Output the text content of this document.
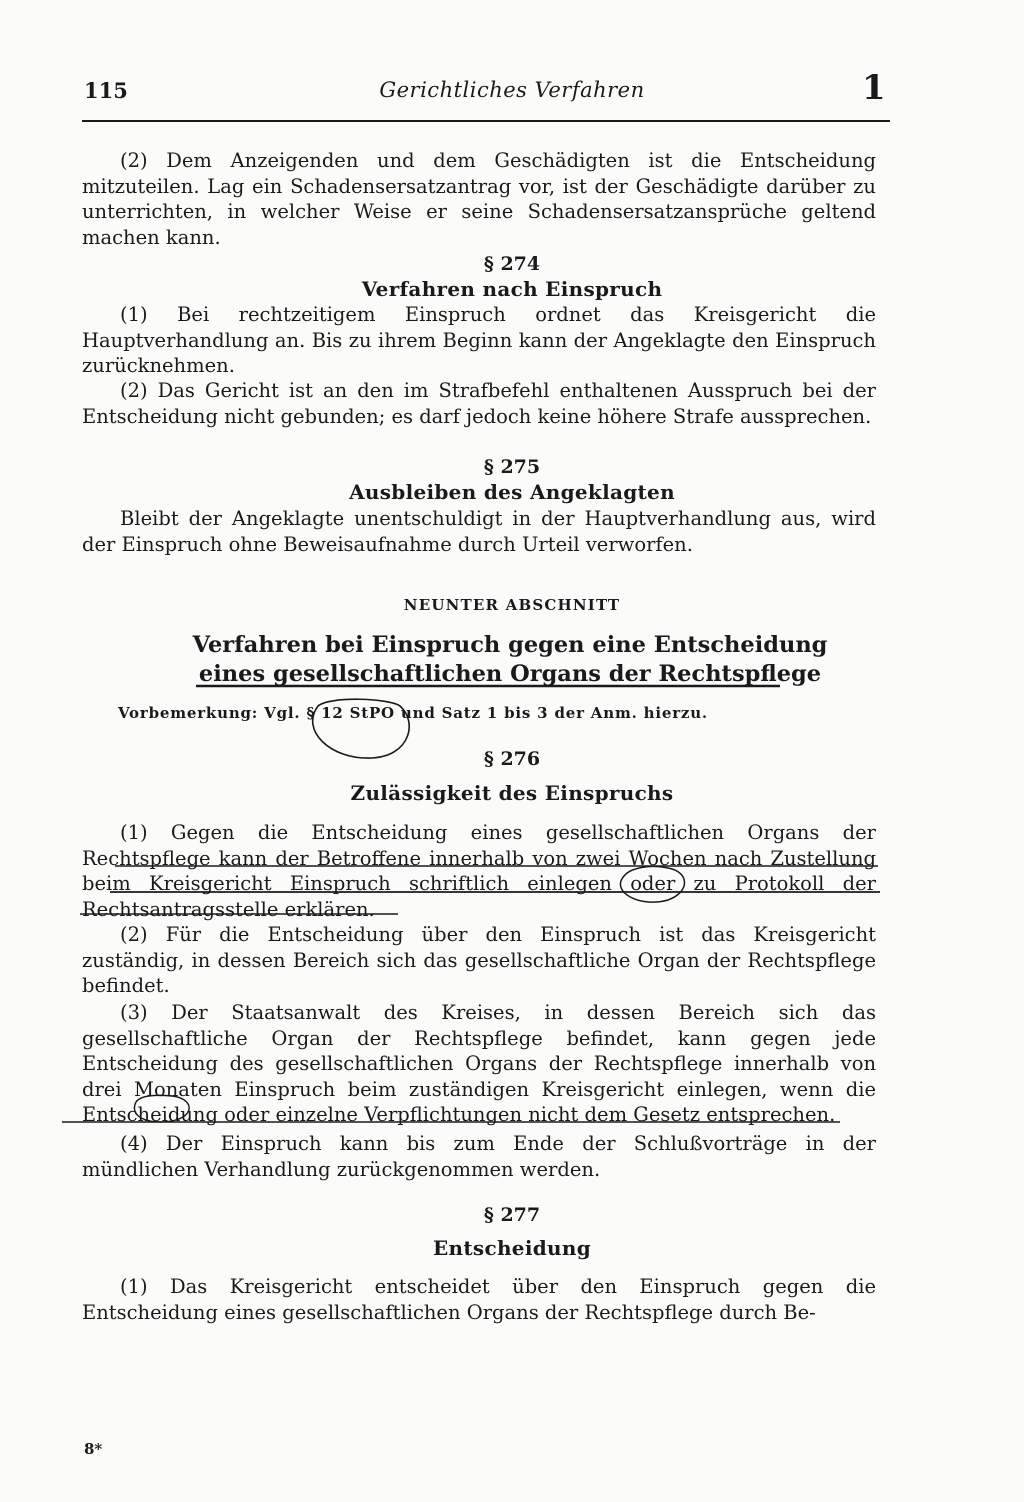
115	Gerichtliches Verfahren	1

(2) Dem Anzeigenden und dem Geschädigten ist die Entscheidung mitzuteilen. Lag ein Schadensersatzantrag vor, ist der Geschädigte darüber zu unterrichten, in welcher Weise er seine Schadensersatzansprüche geltend machen kann.

§ 274
Verfahren nach Einspruch

(1) Bei rechtzeitigem Einspruch ordnet das Kreisgericht die Hauptverhandlung an. Bis zu ihrem Beginn kann der Angeklagte den Einspruch zurücknehmen.

(2) Das Gericht ist an den im Strafbefehl enthaltenen Ausspruch bei der Entscheidung nicht gebunden; es darf jedoch keine höhere Strafe aussprechen.

§ 275
Ausbleiben des Angeklagten

Bleibt der Angeklagte unentschuldigt in der Hauptverhandlung aus, wird der Einspruch ohne Beweisaufnahme durch Urteil verworfen.

NEUNTER ABSCHNITT
Verfahren bei Einspruch gegen eine Entscheidung
eines gesellschaftlichen Organs der Rechtspflege
Vorbemerkung: Vgl. § 12 StPO und Satz 1 bis 3 der Anm. hierzu.
§ 276
Zulässigkeit des Einspruchs

(1) Gegen die Entscheidung eines gesellschaftlichen Organs der Rechtspflege kann der Betroffene innerhalb von zwei Wochen nach Zustellung beim Kreisgericht Einspruch schriftlich einlegen oder zu Protokoll der Rechtsantragsstelle erklären.

(2) Für die Entscheidung über den Einspruch ist das Kreisgericht zuständig, in dessen Bereich sich das gesellschaftliche Organ der Rechtspflege befindet.

(3) Der Staatsanwalt des Kreises, in dessen Bereich sich das gesellschaftliche Organ der Rechtspflege befindet, kann gegen jede Entscheidung des gesellschaftlichen Organs der Rechtspflege innerhalb von drei Monaten Einspruch beim zuständigen Kreisgericht einlegen, wenn die Entscheidung oder einzelne Verpflichtungen nicht dem Gesetz entsprechen.

(4) Der Einspruch kann bis zum Ende der Schlußvorträge in der mündlichen Verhandlung zurückgenommen werden.

§ 277
Entscheidung

(1) Das Kreisgericht entscheidet über den Einspruch gegen die Entscheidung eines gesellschaftlichen Organs der Rechtspflege durch Be-

8*
